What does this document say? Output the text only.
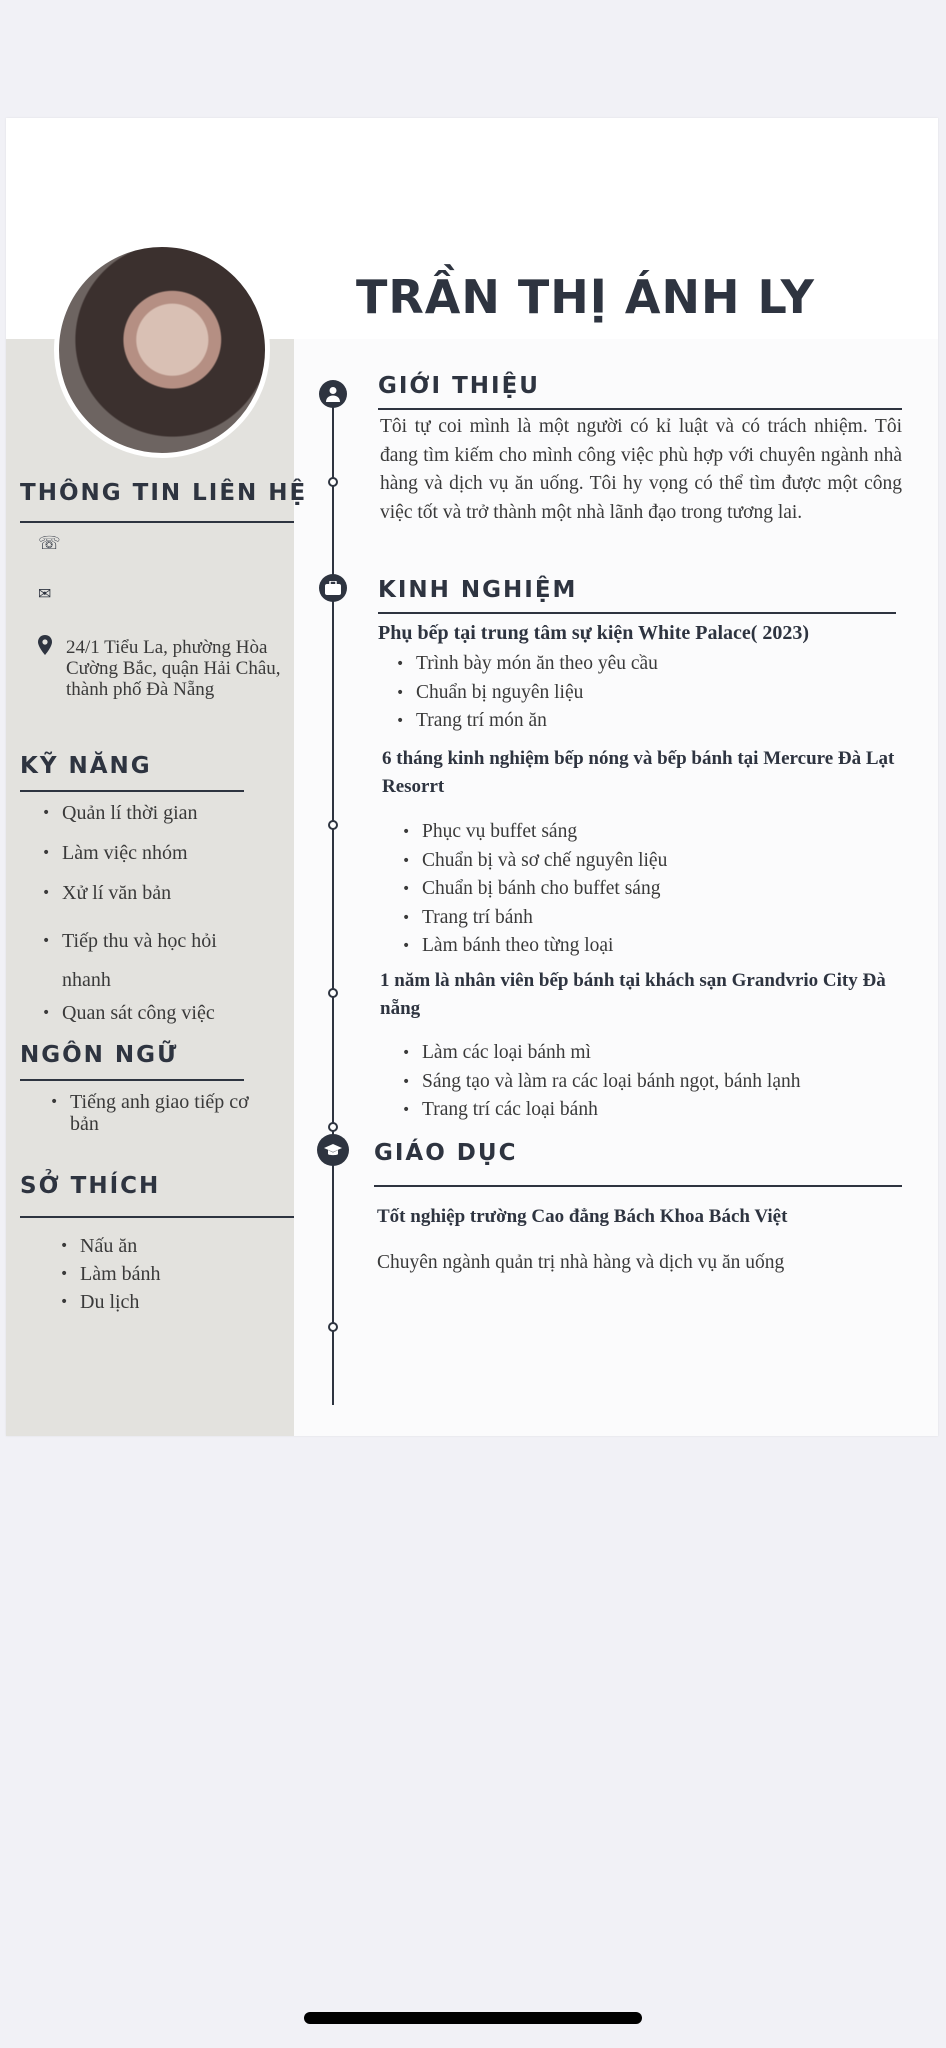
TRẦN THỊ ÁNH LY
THÔNG TIN LIÊN HỆ
☏
✉
24/1 Tiểu La, phường Hòa Cường Bắc, quận Hải Châu, thành phố Đà Nẵng
KỸ NĂNG
• Quản lí thời gian
• Làm việc nhóm
• Xử lí văn bản
• Tiếp thu và học hỏi nhanh
• Quan sát công việc
NGÔN NGỮ
• Tiếng anh giao tiếp cơ bản
SỞ THÍCH
• Nấu ăn
• Làm bánh
• Du lịch
GIỚI THIỆU
Tôi tự coi mình là một người có kỉ luật và có trách nhiệm. Tôi đang tìm kiếm cho mình công việc phù hợp với chuyên ngành nhà hàng và dịch vụ ăn uống. Tôi hy vọng có thể tìm được một công việc tốt và trở thành một nhà lãnh đạo trong tương lai.
KINH NGHIỆM
Phụ bếp tại trung tâm sự kiện White Palace( 2023)
• Trình bày món ăn theo yêu cầu
• Chuẩn bị nguyên liệu
• Trang trí món ăn
6 tháng kinh nghiệm bếp nóng và bếp bánh tại Mercure Đà Lạt Resorrt
• Phục vụ buffet sáng
• Chuẩn bị và sơ chế nguyên liệu
• Chuẩn bị bánh cho buffet sáng
• Trang trí bánh
• Làm bánh theo từng loại
1 năm là nhân viên bếp bánh tại khách sạn Grandvrio City Đà nẵng
• Làm các loại bánh mì
• Sáng tạo và làm ra các loại bánh ngọt, bánh lạnh
• Trang trí các loại bánh
GIÁO DỤC
Tốt nghiệp trường Cao đẳng Bách Khoa Bách Việt
Chuyên ngành quản trị nhà hàng và dịch vụ ăn uống
